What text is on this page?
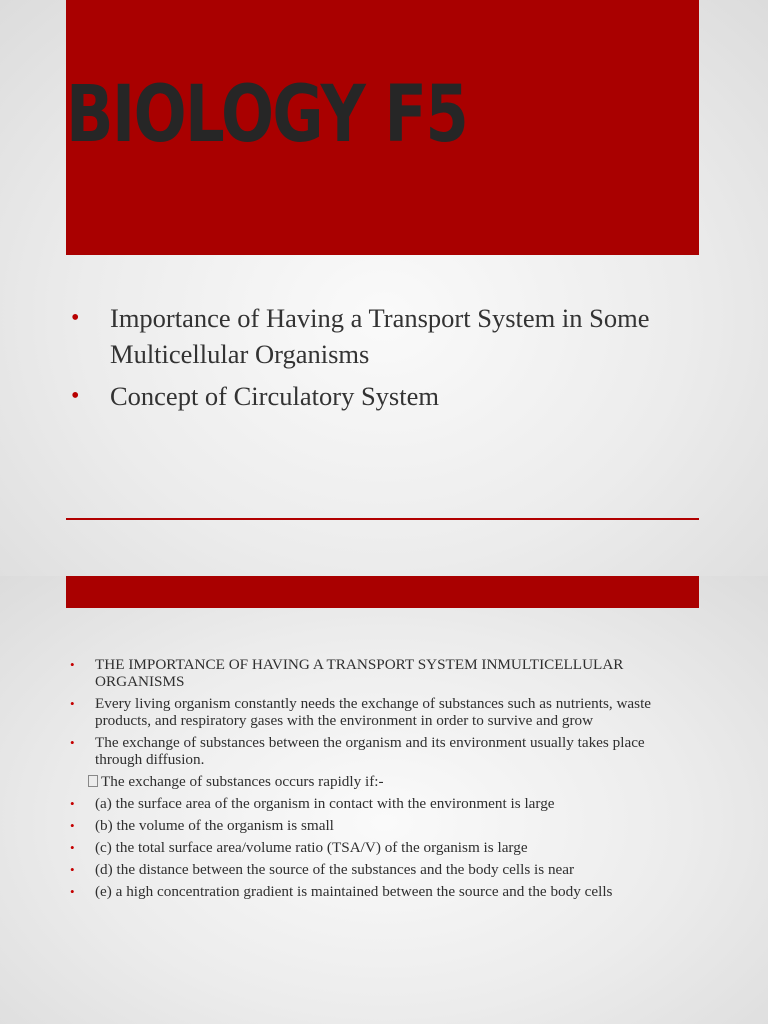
BIOLOGY F5
• Importance of Having a Transport System in Some Multicellular Organisms
• Concept of Circulatory System
• THE IMPORTANCE OF HAVING A TRANSPORT SYSTEM INMULTICELLULAR ORGANISMS
• Every living organism constantly needs the exchange of substances such as nutrients, waste products, and respiratory gases with the environment in order to survive and grow
• The exchange of substances between the organism and its environment usually takes place through diffusion.
The exchange of substances occurs rapidly if:-
• (a) the surface area of the organism in contact with the environment is large
• (b) the volume of the organism is small
• (c) the total surface area/volume ratio (TSA/V) of the organism is large
• (d) the distance between the source of the substances and the body cells is near
• (e) a high concentration gradient is maintained between the source and the body cells
